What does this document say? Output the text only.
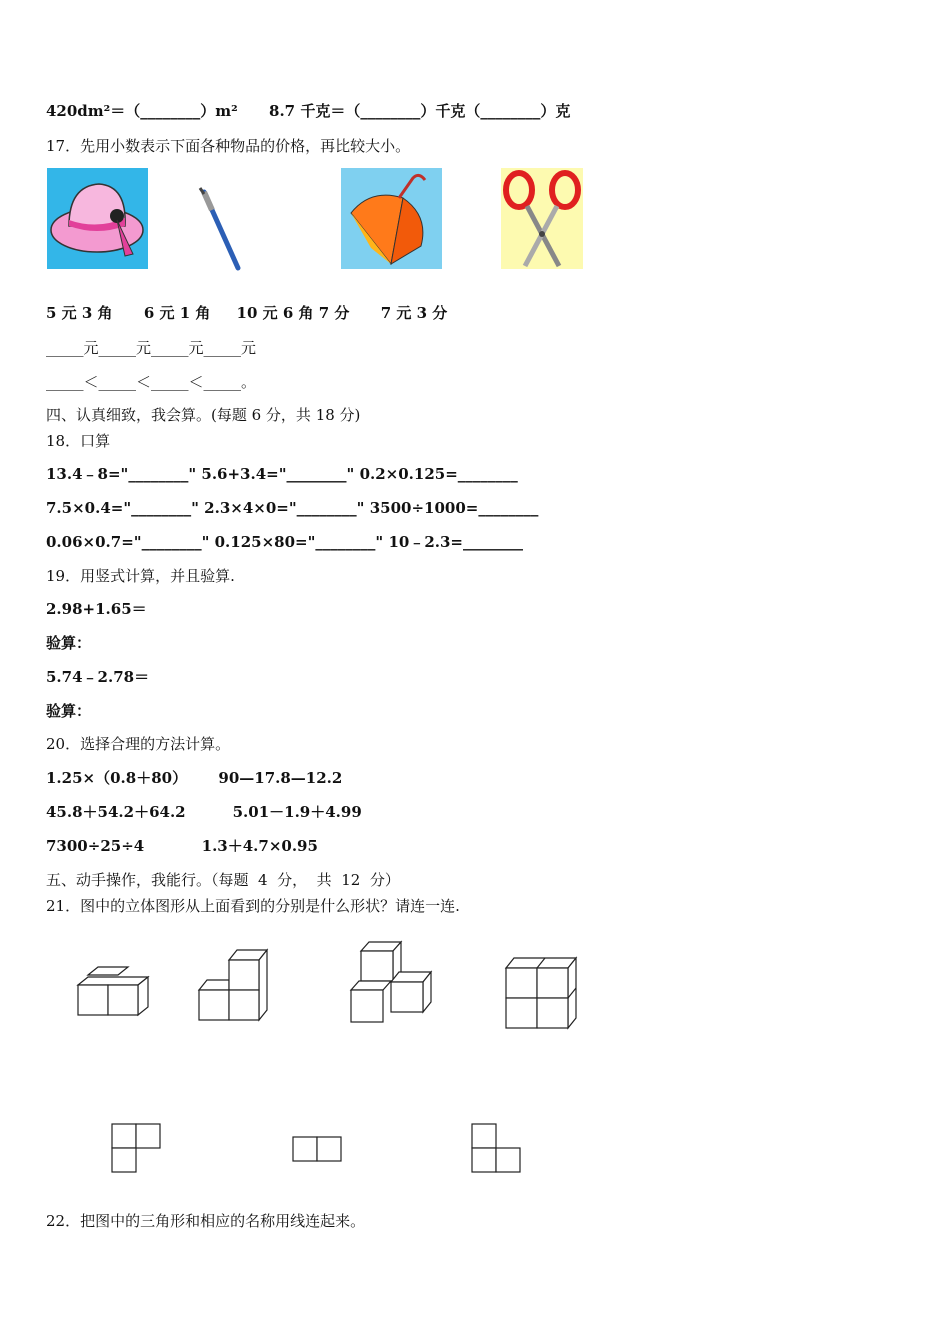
420dm²＝（________）m²      8.7 千克＝（________）千克（________）克
17．先用小数表示下面各种物品的价格，再比较大小。
5 元 3 角      6 元 1 角     10 元 6 角 7 分      7 元 3 分
_____元_____元_____元_____元
_____＜_____＜_____＜_____。
四、认真细致，我会算。(每题 6 分，共 18 分)
18．口算
13.4﹣8="________" 5.6+3.4="________" 0.2×0.125=________
7.5×0.4="________" 2.3×4×0="________" 3500÷1000=________
0.06×0.7="________" 0.125×80="________" 10﹣2.3=________
19．用竖式计算，并且验算.
2.98+1.65＝
验算：
5.74﹣2.78＝
验算：
20．选择合理的方法计算。
1.25×（0.8＋80）      90—17.8—12.2
45.8＋54.2＋64.2         5.01－1.9＋4.99
7300÷25÷4           1.3＋4.7×0.95
五、动手操作，我能行。（每题  4  分，  共  12  分）
21．图中的立体图形从上面看到的分别是什么形状？请连一连.
22．把图中的三角形和相应的名称用线连起来。
